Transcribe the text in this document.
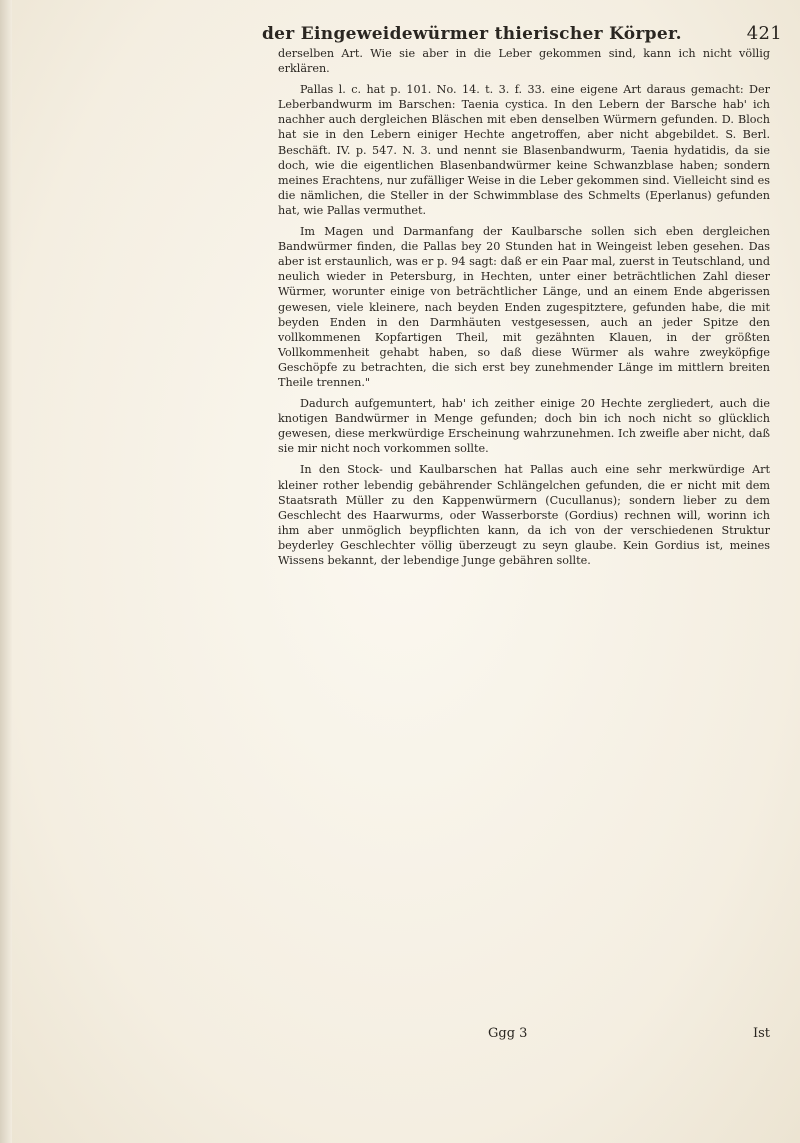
der Eingeweidewürmer thierischer Körper.	421

derselben Art. Wie sie aber in die Leber gekommen sind, kann ich nicht völlig erklären.

Pallas l. c. hat p. 101. No. 14. t. 3. f. 33. eine eigene Art daraus gemacht: Der Leberbandwurm im Barschen: Taenia cystica. In den Lebern der Barsche hab' ich nachher auch dergleichen Bläschen mit eben denselben Würmern gefunden. D. Bloch hat sie in den Lebern einiger Hechte angetroffen, aber nicht abgebildet. S. Berl. Beschäft. IV. p. 547. N. 3. und nennt sie Blasenbandwurm, Taenia hydatidis, da sie doch, wie die eigentlichen Blasenbandwürmer keine Schwanzblase haben; sondern meines Erachtens, nur zufälliger Weise in die Leber gekommen sind. Vielleicht sind es die nämlichen, die Steller in der Schwimmblase des Schmelts (Eperlanus) gefunden hat, wie Pallas vermuthet.

Im Magen und Darmanfang der Kaulbarsche sollen sich eben dergleichen Bandwürmer finden, die Pallas bey 20 Stunden hat in Weingeist leben gesehen. Das aber ist erstaunlich, was er p. 94 sagt: daß er ein Paar mal, zuerst in Teutschland, und neulich wieder in Petersburg, in Hechten, unter einer beträchtlichen Zahl dieser Würmer, worunter einige von beträchtlicher Länge, und an einem Ende abgerissen gewesen, viele kleinere, nach beyden Enden zugespitztere, gefunden habe, die mit beyden Enden in den Darmhäuten vestgesessen, auch an jeder Spitze den vollkommenen Kopfartigen Theil, mit gezähnten Klauen, in der größten Vollkommenheit gehabt haben, so daß diese Würmer als wahre zweyköpfige Geschöpfe zu betrachten, die sich erst bey zunehmender Länge im mittlern breiten Theile trennen."

Dadurch aufgemuntert, hab' ich zeither einige 20 Hechte zergliedert, auch die knotigen Bandwürmer in Menge gefunden; doch bin ich noch nicht so glücklich gewesen, diese merkwürdige Erscheinung wahrzunehmen. Ich zweifle aber nicht, daß sie mir nicht noch vorkommen sollte.

In den Stock- und Kaulbarschen hat Pallas auch eine sehr merkwürdige Art kleiner rother lebendig gebährender Schlängelchen gefunden, die er nicht mit dem Staatsrath Müller zu den Kappenwürmern (Cucullanus); sondern lieber zu dem Geschlecht des Haarwurms, oder Wasserborste (Gordius) rechnen will, worinn ich ihm aber unmöglich beypflichten kann, da ich von der verschiedenen Struktur beyderley Geschlechter völlig überzeugt zu seyn glaube. Kein Gordius ist, meines Wissens bekannt, der lebendige Junge gebähren sollte.

Ggg 3	Ist
